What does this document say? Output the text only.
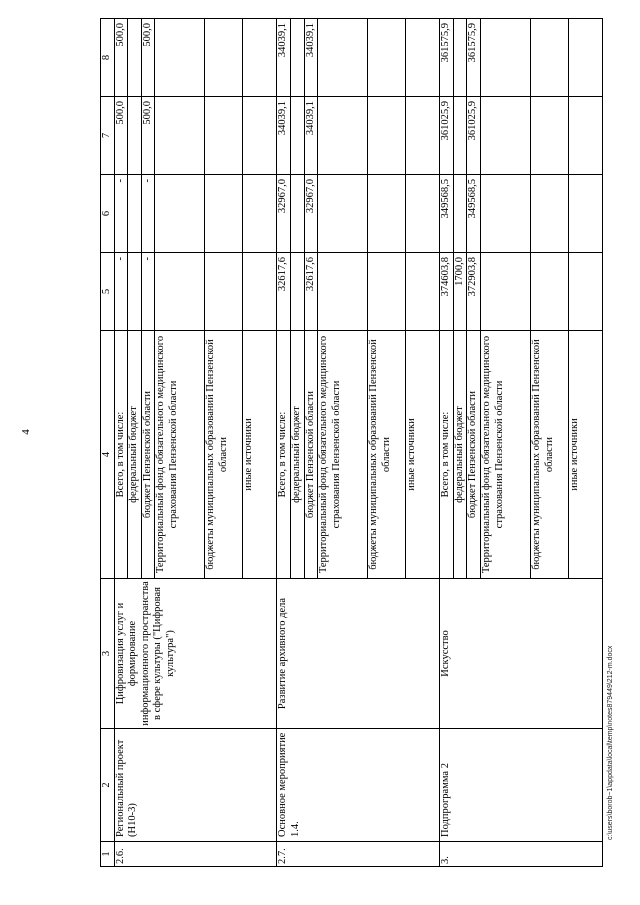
4
c:\users\borob~1\appdata\local\temp\notes879449\212-m.docx
1	2	3	4	5	6	7	8
2.6.	Региональный проект (Н10-3)	Цифровизация услуг и формирование информационного пространства в сфере культуры ("Цифровая культура")	Всего, в том числе:	-	-	500,0	500,0
			федеральный бюджет				
			бюджет Пензенской области	-	-	500,0	500,0
			Территориальный фонд обязательного медицинского страхования Пензенской области				
			бюджеты муниципальных образований Пензенской области				
			иные источники				
2.7.	Основное мероприятие 1.4.	Развитие архивного дела	Всего, в том числе:	32617,6	32967,0	34039,1	34039,1
			федеральный бюджет				
			бюджет Пензенской области	32617,6	32967,0	34039,1	34039,1
			Территориальный фонд обязательного медицинского страхования Пензенской области				
			бюджеты муниципальных образований Пензенской области				
			иные источники				
3.	Подпрограмма 2	Искусство	Всего, в том числе:	374603,8	349568,5	361025,9	361575,9
			федеральный бюджет	1700,0			
			бюджет Пензенской области	372903,8	349568,5	361025,9	361575,9
			Территориальный фонд обязательного медицинского страхования Пензенской области				
			бюджеты муниципальных образований Пензенской области				
			иные источники				
